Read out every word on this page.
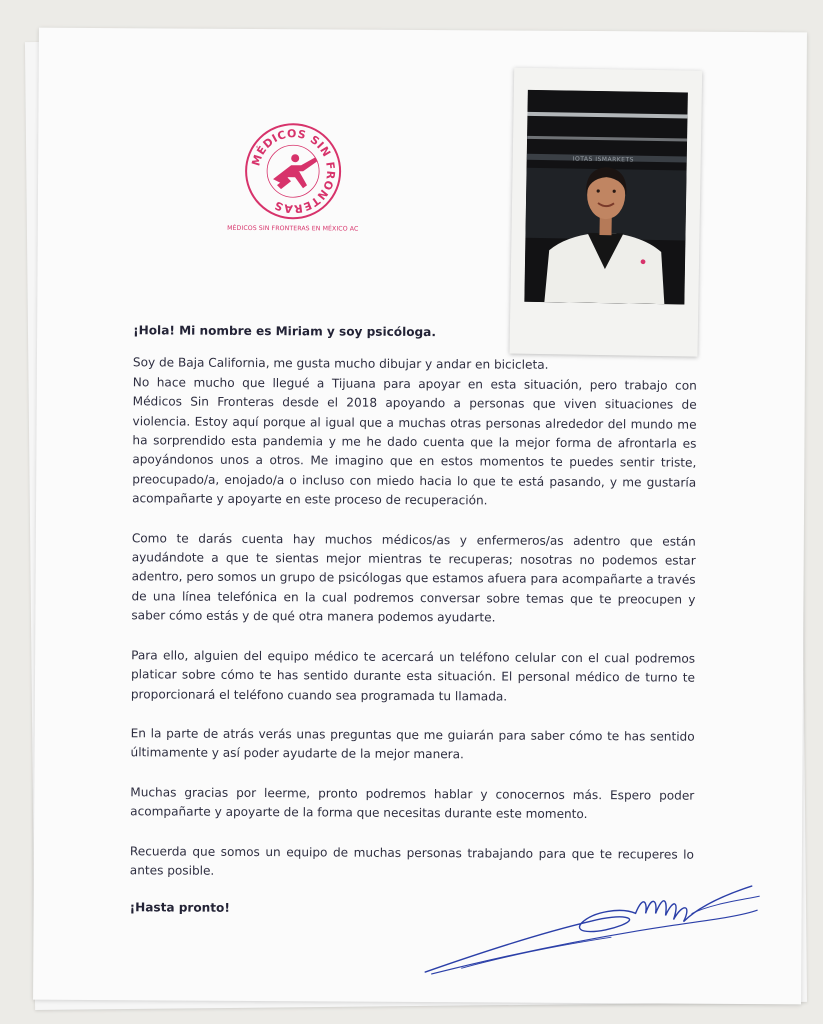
MÉDICOS SIN FRONTERAS
MÉDICOS SIN FRONTERAS EN MÉXICO AC
IOTAS ISMARKETS

¡Hola! Mi nombre es Miriam y soy psicóloga.

Soy de Baja California, me gusta mucho dibujar y andar en bicicleta.
No hace mucho que llegué a Tijuana para apoyar en esta situación, pero trabajo con Médicos Sin Fronteras desde el 2018 apoyando a personas que viven situaciones de violencia. Estoy aquí porque al igual que a muchas otras personas alrededor del mundo me ha sorprendido esta pandemia y me he dado cuenta que la mejor forma de afrontarla es apoyándonos unos a otros. Me imagino que en estos momentos te puedes sentir triste, preocupado/a, enojado/a o incluso con miedo hacia lo que te está pasando, y me gustaría acompañarte y apoyarte en este proceso de recuperación.

Como te darás cuenta hay muchos médicos/as y enfermeros/as adentro que están ayudándote a que te sientas mejor mientras te recuperas; nosotras no podemos estar adentro, pero somos un grupo de psicólogas que estamos afuera para acompañarte a través de una línea telefónica en la cual podremos conversar sobre temas que te preocupen y saber cómo estás y de qué otra manera podemos ayudarte.

Para ello, alguien del equipo médico te acercará un teléfono celular con el cual podremos platicar sobre cómo te has sentido durante esta situación. El personal médico de turno te proporcionará el teléfono cuando sea programada tu llamada.

En la parte de atrás verás unas preguntas que me guiarán para saber cómo te has sentido últimamente y así poder ayudarte de la mejor manera.

Muchas gracias por leerme, pronto podremos hablar y conocernos más. Espero poder acompañarte y apoyarte de la forma que necesitas durante este momento.

Recuerda que somos un equipo de muchas personas trabajando para que te recuperes lo antes posible.

¡Hasta pronto!
